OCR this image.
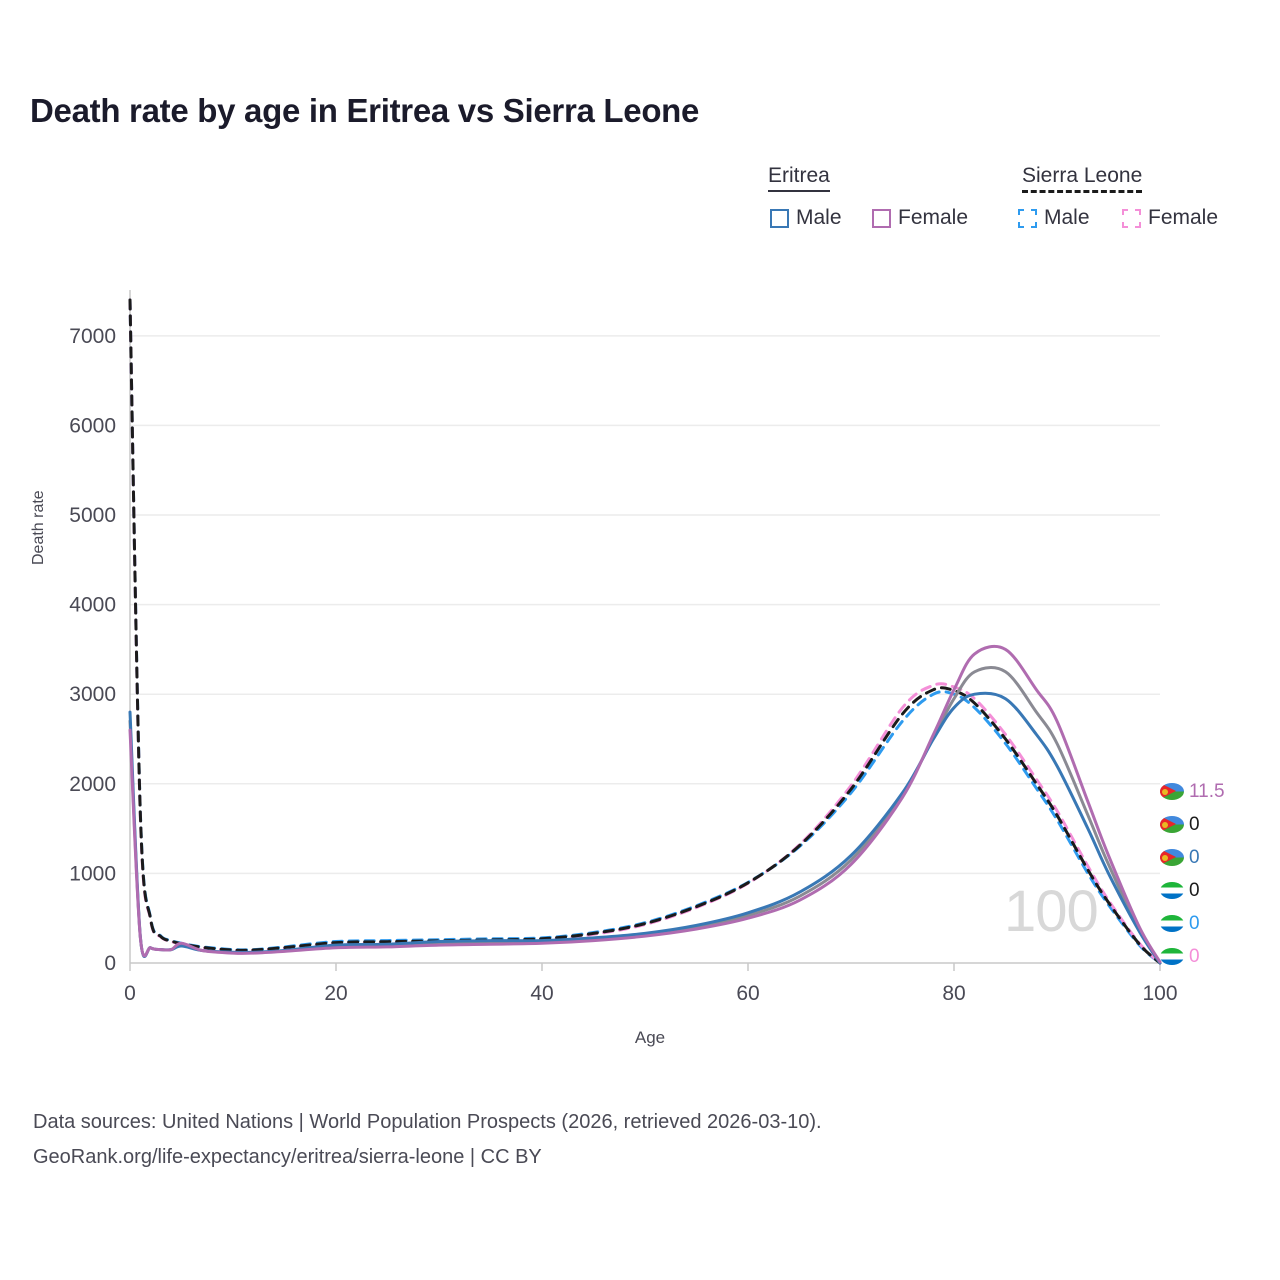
Death rate by age in Eritrea vs Sierra Leone
Eritrea	Sierra Leone
Male	Female	Male	Female
0
1000
2000
3000
4000
5000
6000
7000
0	20	40	60	80	100
Death rate
Age
100
11.5
0
0
0
0
0
Data sources: United Nations | World Population Prospects (2026, retrieved 2026-03-10).
GeoRank.org/life-expectancy/eritrea/sierra-leone | CC BY
